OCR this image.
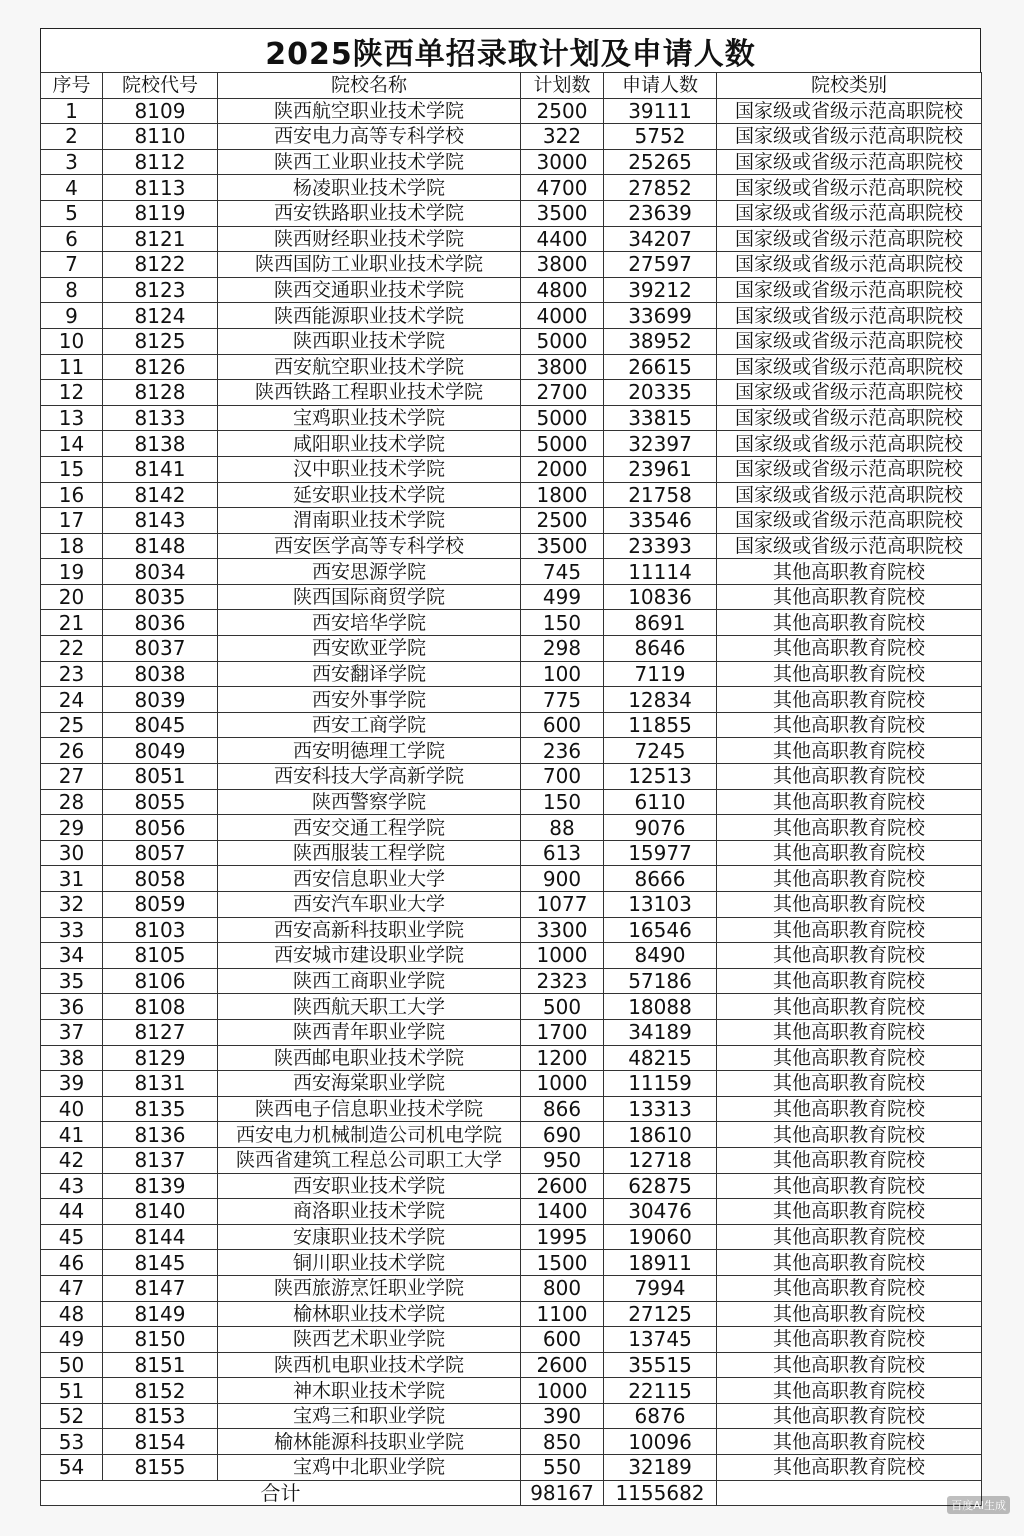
2025陕西单招录取计划及申请人数
序号	院校代号	院校名称	计划数	申请人数	院校类别
1	8109	陕西航空职业技术学院	2500	39111	国家级或省级示范高职院校
2	8110	西安电力高等专科学校	322	5752	国家级或省级示范高职院校
3	8112	陕西工业职业技术学院	3000	25265	国家级或省级示范高职院校
4	8113	杨凌职业技术学院	4700	27852	国家级或省级示范高职院校
5	8119	西安铁路职业技术学院	3500	23639	国家级或省级示范高职院校
6	8121	陕西财经职业技术学院	4400	34207	国家级或省级示范高职院校
7	8122	陕西国防工业职业技术学院	3800	27597	国家级或省级示范高职院校
8	8123	陕西交通职业技术学院	4800	39212	国家级或省级示范高职院校
9	8124	陕西能源职业技术学院	4000	33699	国家级或省级示范高职院校
10	8125	陕西职业技术学院	5000	38952	国家级或省级示范高职院校
11	8126	西安航空职业技术学院	3800	26615	国家级或省级示范高职院校
12	8128	陕西铁路工程职业技术学院	2700	20335	国家级或省级示范高职院校
13	8133	宝鸡职业技术学院	5000	33815	国家级或省级示范高职院校
14	8138	咸阳职业技术学院	5000	32397	国家级或省级示范高职院校
15	8141	汉中职业技术学院	2000	23961	国家级或省级示范高职院校
16	8142	延安职业技术学院	1800	21758	国家级或省级示范高职院校
17	8143	渭南职业技术学院	2500	33546	国家级或省级示范高职院校
18	8148	西安医学高等专科学校	3500	23393	国家级或省级示范高职院校
19	8034	西安思源学院	745	11114	其他高职教育院校
20	8035	陕西国际商贸学院	499	10836	其他高职教育院校
21	8036	西安培华学院	150	8691	其他高职教育院校
22	8037	西安欧亚学院	298	8646	其他高职教育院校
23	8038	西安翻译学院	100	7119	其他高职教育院校
24	8039	西安外事学院	775	12834	其他高职教育院校
25	8045	西安工商学院	600	11855	其他高职教育院校
26	8049	西安明德理工学院	236	7245	其他高职教育院校
27	8051	西安科技大学高新学院	700	12513	其他高职教育院校
28	8055	陕西警察学院	150	6110	其他高职教育院校
29	8056	西安交通工程学院	88	9076	其他高职教育院校
30	8057	陕西服装工程学院	613	15977	其他高职教育院校
31	8058	西安信息职业大学	900	8666	其他高职教育院校
32	8059	西安汽车职业大学	1077	13103	其他高职教育院校
33	8103	西安高新科技职业学院	3300	16546	其他高职教育院校
34	8105	西安城市建设职业学院	1000	8490	其他高职教育院校
35	8106	陕西工商职业学院	2323	57186	其他高职教育院校
36	8108	陕西航天职工大学	500	18088	其他高职教育院校
37	8127	陕西青年职业学院	1700	34189	其他高职教育院校
38	8129	陕西邮电职业技术学院	1200	48215	其他高职教育院校
39	8131	西安海棠职业学院	1000	11159	其他高职教育院校
40	8135	陕西电子信息职业技术学院	866	13313	其他高职教育院校
41	8136	西安电力机械制造公司机电学院	690	18610	其他高职教育院校
42	8137	陕西省建筑工程总公司职工大学	950	12718	其他高职教育院校
43	8139	西安职业技术学院	2600	62875	其他高职教育院校
44	8140	商洛职业技术学院	1400	30476	其他高职教育院校
45	8144	安康职业技术学院	1995	19060	其他高职教育院校
46	8145	铜川职业技术学院	1500	18911	其他高职教育院校
47	8147	陕西旅游烹饪职业学院	800	7994	其他高职教育院校
48	8149	榆林职业技术学院	1100	27125	其他高职教育院校
49	8150	陕西艺术职业学院	600	13745	其他高职教育院校
50	8151	陕西机电职业技术学院	2600	35515	其他高职教育院校
51	8152	神木职业技术学院	1000	22115	其他高职教育院校
52	8153	宝鸡三和职业学院	390	6876	其他高职教育院校
53	8154	榆林能源科技职业学院	850	10096	其他高职教育院校
54	8155	宝鸡中北职业学院	550	32189	其他高职教育院校
合计			98167	1155682	
百度AI生成
